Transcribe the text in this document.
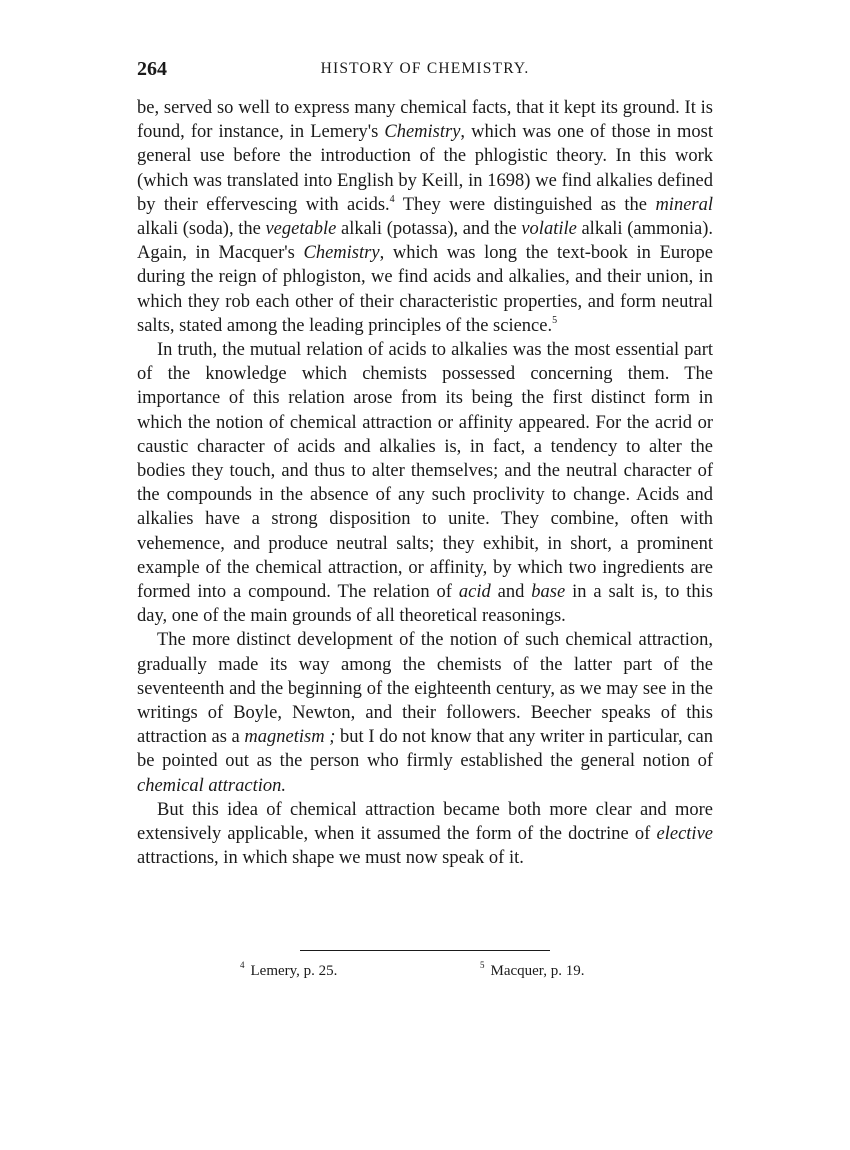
264	HISTORY OF CHEMISTRY.

be, served so well to express many chemical facts, that it kept its ground. It is found, for instance, in Lemery's Chemistry, which was one of those in most general use before the introduction of the phlogistic theory. In this work (which was translated into English by Keill, in 1698) we find alkalies defined by their effervescing with acids.$^4$ They were distinguished as the mineral alkali (soda), the vegetable alkali (potassa), and the volatile alkali (ammonia). Again, in Macquer's Chemistry, which was long the text-book in Europe during the reign of phlogiston, we find acids and alkalies, and their union, in which they rob each other of their characteristic properties, and form neutral salts, stated among the leading principles of the science.$^5$

In truth, the mutual relation of acids to alkalies was the most essential part of the knowledge which chemists possessed concerning them. The importance of this relation arose from its being the first distinct form in which the notion of chemical attraction or affinity appeared. For the acrid or caustic character of acids and alkalies is, in fact, a tendency to alter the bodies they touch, and thus to alter themselves; and the neutral character of the compounds in the absence of any such proclivity to change. Acids and alkalies have a strong disposition to unite. They combine, often with vehemence, and produce neutral salts; they exhibit, in short, a prominent example of the chemical attraction, or affinity, by which two ingredients are formed into a compound. The relation of acid and base in a salt is, to this day, one of the main grounds of all theoretical reasonings.

The more distinct development of the notion of such chemical attraction, gradually made its way among the chemists of the latter part of the seventeenth and the beginning of the eighteenth century, as we may see in the writings of Boyle, Newton, and their followers. Beecher speaks of this attraction as a magnetism ; but I do not know that any writer in particular, can be pointed out as the person who firmly established the general notion of chemical attraction.

But this idea of chemical attraction became both more clear and more extensively applicable, when it assumed the form of the doctrine of elective attractions, in which shape we must now speak of it.

$^4$ Lemery, p. 25.	$^5$ Macquer, p. 19.
